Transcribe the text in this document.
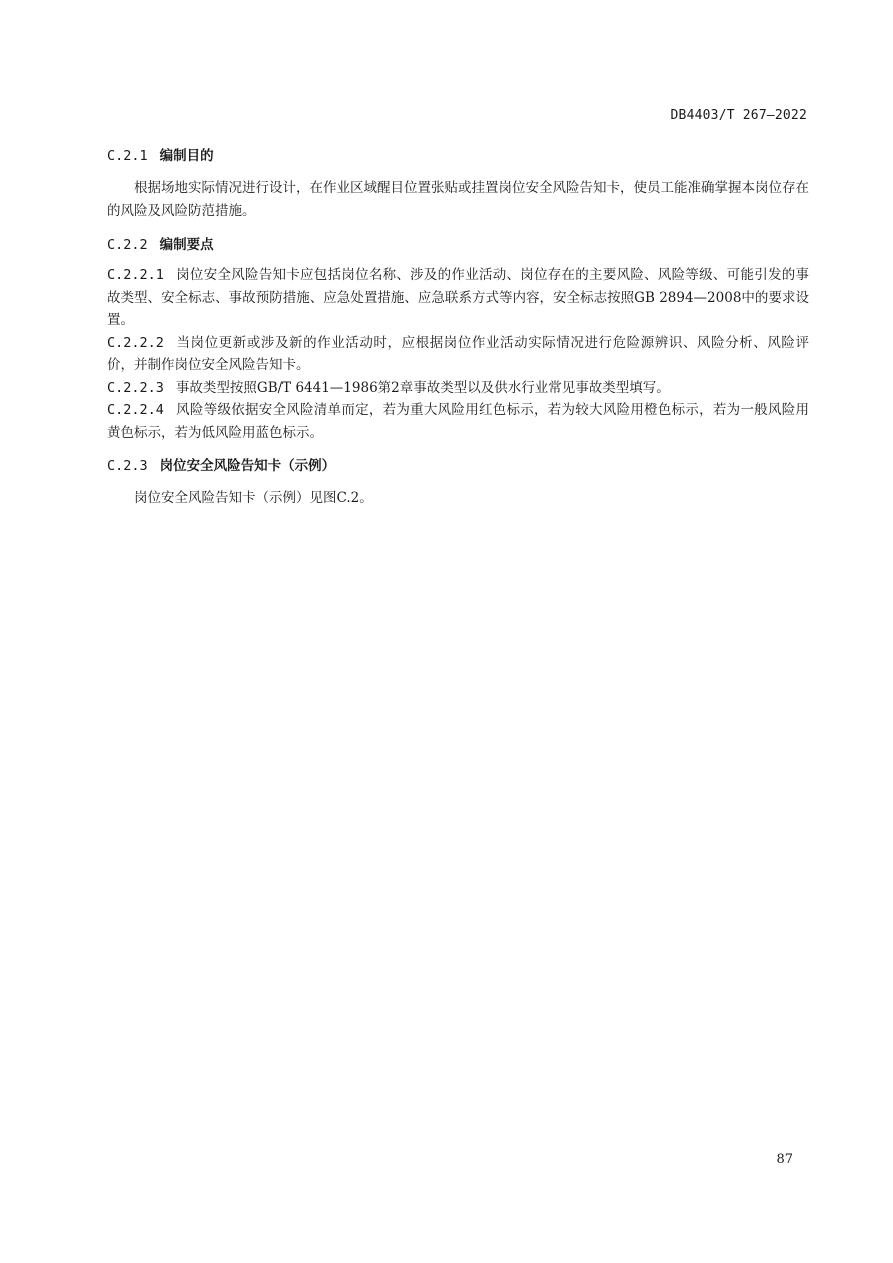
DB4403/T 267—2022
C.2.1 编制目的
根据场地实际情况进行设计，在作业区域醒目位置张贴或挂置岗位安全风险告知卡，使员工能准确掌握本岗位存在的风险及风险防范措施。
C.2.2 编制要点
C.2.2.1 岗位安全风险告知卡应包括岗位名称、涉及的作业活动、岗位存在的主要风险、风险等级、可能引发的事故类型、安全标志、事故预防措施、应急处置措施、应急联系方式等内容，安全标志按照GB 2894—2008中的要求设置。
C.2.2.2 当岗位更新或涉及新的作业活动时，应根据岗位作业活动实际情况进行危险源辨识、风险分析、风险评价，并制作岗位安全风险告知卡。
C.2.2.3 事故类型按照GB/T 6441—1986第2章事故类型以及供水行业常见事故类型填写。
C.2.2.4 风险等级依据安全风险清单而定，若为重大风险用红色标示，若为较大风险用橙色标示，若为一般风险用黄色标示，若为低风险用蓝色标示。
C.2.3 岗位安全风险告知卡（示例）
岗位安全风险告知卡（示例）见图C.2。
87
